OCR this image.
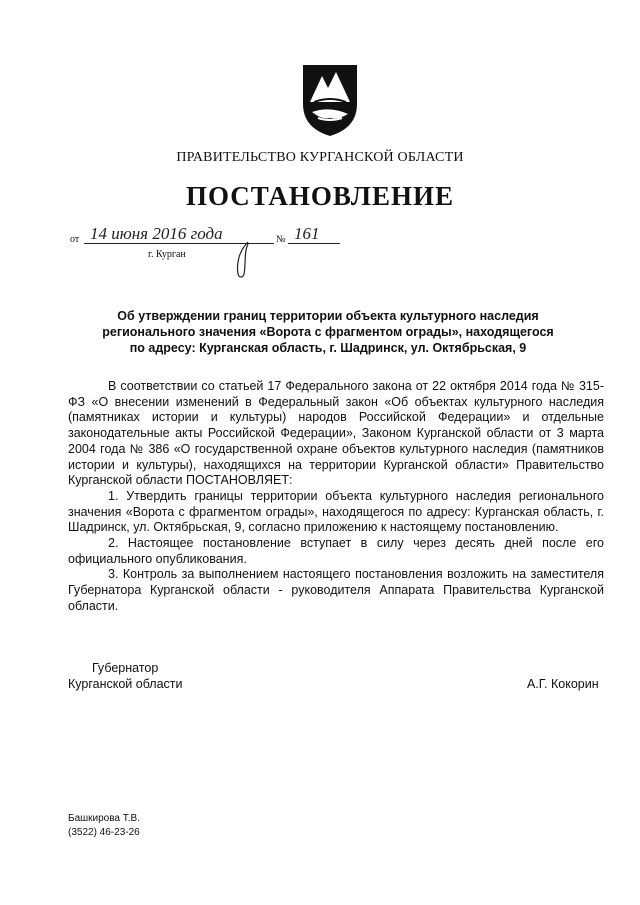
ПРАВИТЕЛЬСТВО КУРГАНСКОЙ ОБЛАСТИ
ПОСТАНОВЛЕНИЕ
от 14 июня 2016 года	№ 161
г. Курган
Об утверждении границ территории объекта культурного наследия
регионального значения «Ворота с фрагментом ограды», находящегося
по адресу: Курганская область, г. Шадринск, ул. Октябрьская, 9

В соответствии со статьей 17 Федерального закона от 22 октября 2014 года № 315-ФЗ «О внесении изменений в Федеральный закон «Об объектах культурного наследия (памятниках истории и культуры) народов Российской Федерации» и отдельные законодательные акты Российской Федерации», Законом Курганской области от 3 марта 2004 года № 386 «О государственной охране объектов культурного наследия (памятников истории и культуры), находящихся на территории Курганской области» Правительство Курганской области ПОСТАНОВЛЯЕТ:

1. Утвердить границы территории объекта культурного наследия регионального значения «Ворота с фрагментом ограды», находящегося по адресу: Курганская область, г. Шадринск, ул. Октябрьская, 9, согласно приложению к настоящему постановлению.

2. Настоящее постановление вступает в силу через десять дней после его официального опубликования.

3. Контроль за выполнением настоящего постановления возложить на заместителя Губернатора Курганской области - руководителя Аппарата Правительства Курганской области.

Губернатор
Курганской области	А.Г. Кокорин
Башкирова Т.В.
(3522) 46-23-26
